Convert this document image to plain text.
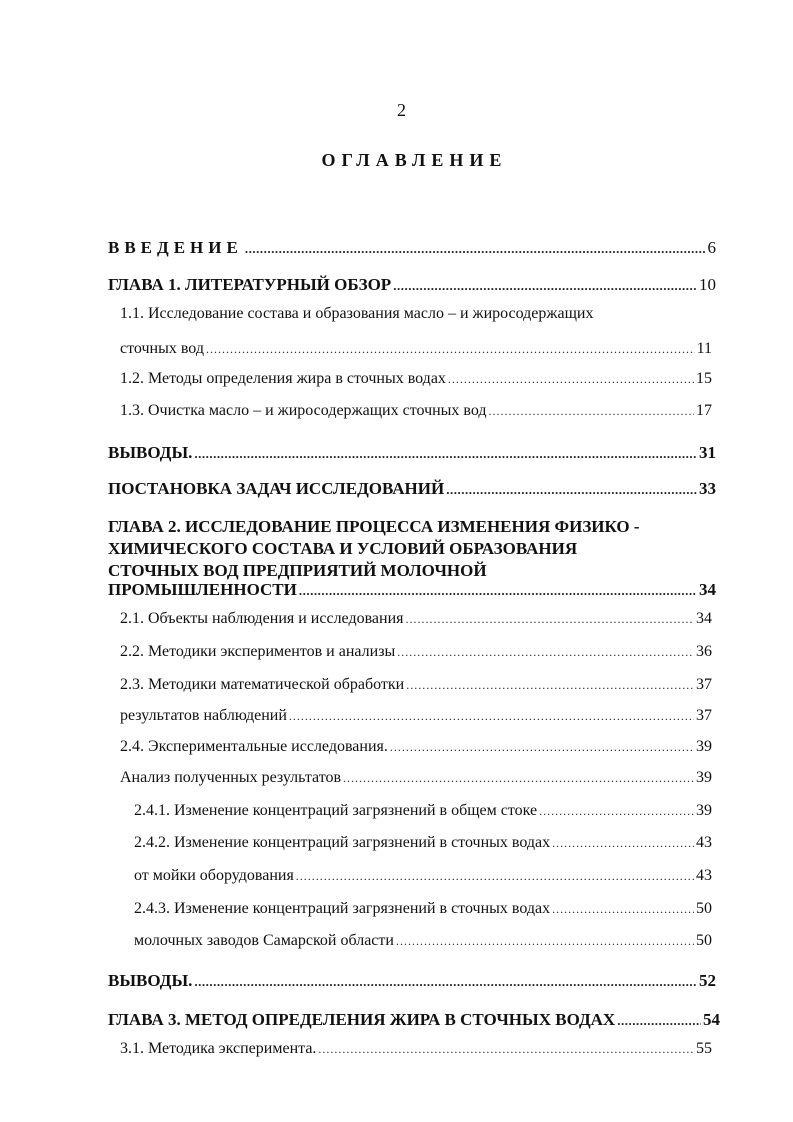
2
ОГЛАВЛЕНИЕ
ВВЕДЕНИЕ .....	6
ГЛАВА 1. ЛИТЕРАТУРНЫЙ ОБЗОР .....	10
1.1. Исследование состава и образования масло – и жиросодержащих
сточных вод .....	11
1.2. Методы определения жира в сточных водах .....	15
1.3. Очистка масло – и жиросодержащих сточных вод .....	17
ВЫВОДЫ. .....	31
ПОСТАНОВКА ЗАДАЧ ИССЛЕДОВАНИЙ .....	33
ГЛАВА 2. ИССЛЕДОВАНИЕ ПРОЦЕССА ИЗМЕНЕНИЯ ФИЗИКО -
ХИМИЧЕСКОГО СОСТАВА И УСЛОВИЙ ОБРАЗОВАНИЯ
СТОЧНЫХ ВОД ПРЕДПРИЯТИЙ МОЛОЧНОЙ
ПРОМЫШЛЕННОСТИ .....	34
2.1. Объекты наблюдения и исследования .....	34
2.2. Методики экспериментов и анализы .....	36
2.3. Методики математической обработки .....	37
результатов наблюдений .....	37
2.4. Экспериментальные исследования. .....	39
Анализ полученных результатов .....	39
2.4.1. Изменение концентраций загрязнений в общем стоке .....	39
2.4.2. Изменение концентраций загрязнений в сточных водах .....	43
от мойки оборудования .....	43
2.4.3. Изменение концентраций загрязнений в сточных водах .....	50
молочных заводов Самарской области .....	50
ВЫВОДЫ. .....	52
ГЛАВА 3. МЕТОД ОПРЕДЕЛЕНИЯ ЖИРА В СТОЧНЫХ ВОДАХ .....	54
3.1. Методика эксперимента. .....	55
